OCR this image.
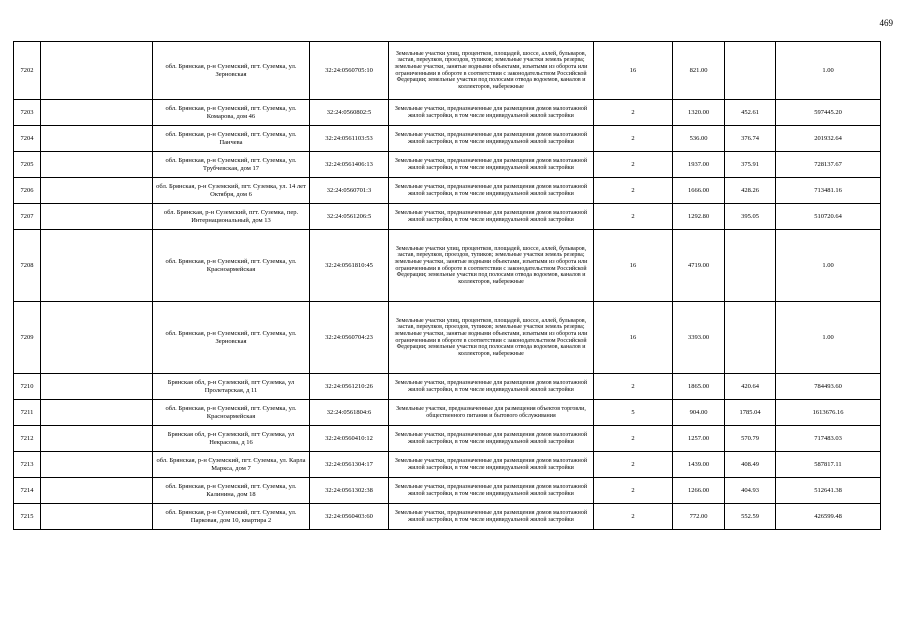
469
7202		обл. Брянская, р-н Суземский, пгт. Суземка, ул. Зерновская	32:24:0560705:10	Земельные участки улиц, процентков, площадей, шоссе, аллей, бульваров, застав, переулков, проездов, тупиков; земельные участки земель резерва; земельные участки, занятые водными объектами, изъятыми из оборота или ограниченными в обороте в соответствии с законодательством Российской Федерации; земельные участки под полосами отвода водоемов, каналов и коллекторов, набережные	16	821.00		1.00
7203		обл. Брянская, р-н Суземский, пгт. Суземка, ул. Комарова, дом 46	32:24:0560802:5	Земельные участки, предназначенные для размещения домов малоэтажной жилой застройки, в том числе индивидуальной жилой застройки	2	1320.00	452.61	597445.20
7204		обл. Брянская, р-н Суземский, пгт. Суземка, ул. Панчева	32:24:0561103:53	Земельные участки, предназначенные для размещения домов малоэтажной жилой застройки, в том числе индивидуальной жилой застройки	2	536.00	376.74	201932.64
7205		обл. Брянская, р-н Суземский, пгт. Суземка, ул. Трубчевская, дом 17	32:24:0561406:13	Земельные участки, предназначенные для размещения домов малоэтажной жилой застройки, в том числе индивидуальной жилой застройки	2	1937.00	375.91	728137.67
7206		обл. Брянская, р-н Суземский, пгт. Суземка, ул. 14 лет Октября, дом 6	32:24:0560701:3	Земельные участки, предназначенные для размещения домов малоэтажной жилой застройки, в том числе индивидуальной жилой застройки	2	1666.00	428.26	713481.16
7207		обл. Брянская, р-н Суземский, пгт. Суземка, пер. Интернациональный, дом 13	32:24:0561206:5	Земельные участки, предназначенные для размещения домов малоэтажной жилой застройки, в том числе индивидуальной жилой застройки	2	1292.80	395.05	510720.64
7208		обл. Брянская, р-н Суземский, пгт. Суземка, ул. Красноармейская	32:24:0561810:45	Земельные участки улиц, процентков, площадей, шоссе, аллей, бульваров, застав, переулков, проездов, тупиков; земельные участки земель резерва; земельные участки, занятые водными объектами, изъятыми из оборота или ограниченными в обороте в соответствии с законодательством Российской Федерации; земельные участки под полосами отвода водоемов, каналов и коллекторов, набережные	16	4719.00		1.00
7209		обл. Брянская, р-н Суземский, пгт. Суземка, ул. Зерновская	32:24:0560704:23	Земельные участки улиц, процентков, площадей, шоссе, аллей, бульваров, застав, переулков, проездов, тупиков; земельные участки земель резерва; земельные участки, занятые водными объектами, изъятыми из оборота или ограниченными в обороте в соответствии с законодательством Российской Федерации; земельные участки под полосами отвода водоемов, каналов и коллекторов, набережные	16	3393.00		1.00
7210		Брянская обл, р-н Суземский, пгт Суземка, ул Пролетарская, д 11	32:24:0561210:26	Земельные участки, предназначенные для размещения домов малоэтажной жилой застройки, в том числе индивидуальной жилой застройки	2	1865.00	420.64	784493.60
7211		обл. Брянская, р-н Суземский, пгт. Суземка, ул. Красноармейская	32:24:0561804:6	Земельные участки, предназначенные для размещения объектов торговли, общественного питания и бытового обслуживания	5	904.00	1785.04	1613676.16
7212		Брянская обл, р-н Суземский, пгт Суземка, ул Некрасова, д 16	32:24:0560410:12	Земельные участки, предназначенные для размещения домов малоэтажной жилой застройки, в том числе индивидуальной жилой застройки	2	1257.00	570.79	717483.03
7213		обл. Брянская, р-н Суземский, пгт. Суземка, ул. Карла Маркса, дом 7	32:24:0561304:17	Земельные участки, предназначенные для размещения домов малоэтажной жилой застройки, в том числе индивидуальной жилой застройки	2	1439.00	408.49	587817.11
7214		обл. Брянская, р-н Суземский, пгт. Суземка, ул. Калинина, дом 18	32:24:0561302:38	Земельные участки, предназначенные для размещения домов малоэтажной жилой застройки, в том числе индивидуальной жилой застройки	2	1266.00	404.93	512641.38
7215		обл. Брянская, р-н Суземский, пгт. Суземка, ул. Парковая, дом 10, квартира 2	32:24:0560403:60	Земельные участки, предназначенные для размещения домов малоэтажной жилой застройки, в том числе индивидуальной жилой застройки	2	772.00	552.59	426599.48
